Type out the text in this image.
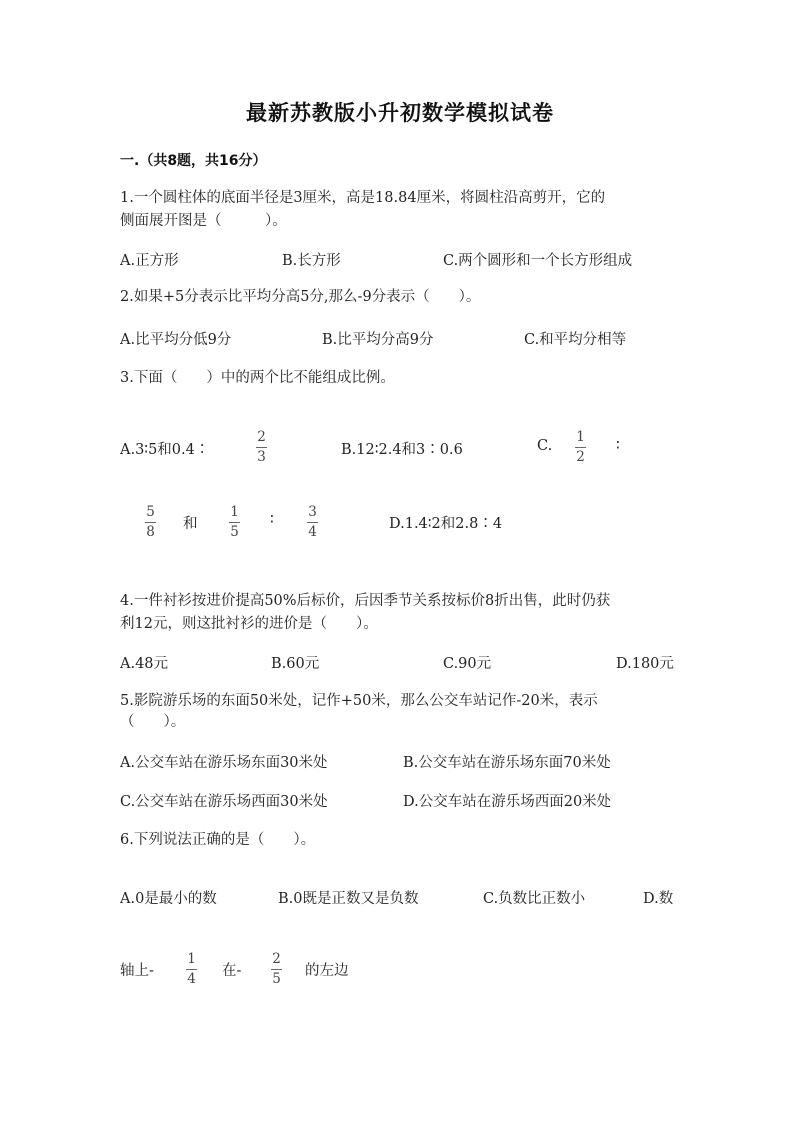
最新苏教版小升初数学模拟试卷
一.（共8题，共16分）
1.一个圆柱体的底面半径是3厘米，高是18.84厘米，将圆柱沿高剪开，它的
侧面展开图是（　　　）。
A.正方形	B.长方形	C.两个圆形和一个长方形组成
2.如果+5分表示比平均分高5分,那么-9分表示（　　）。
A.比平均分低9分	B.比平均分高9分	C.和平均分相等
3.下面（　　）中的两个比不能组成比例。
A.3∶5和0.4∶
2
3	B.12∶2.4和3∶0.6	C.
1
2
∶
5
8 和
1
5
∶	3
4	D.1.4∶2和2.8∶4
4.一件衬衫按进价提高50%后标价，后因季节关系按标价8折出售，此时仍获
利12元，则这批衬衫的进价是（　　）。
A.48元	B.60元	C.90元	D.180元
5.影院游乐场的东面50米处，记作+50米，那么公交车站记作-20米，表示
（　　）。
A.公交车站在游乐场东面30米处	B.公交车站在游乐场东面70米处
C.公交车站在游乐场西面30米处	D.公交车站在游乐场西面20米处
6.下列说法正确的是（　　）。
A.0是最小的数	B.0既是正数又是负数	C.负数比正数小	D.数
轴上-
1
4 在-
2
5 的左边
